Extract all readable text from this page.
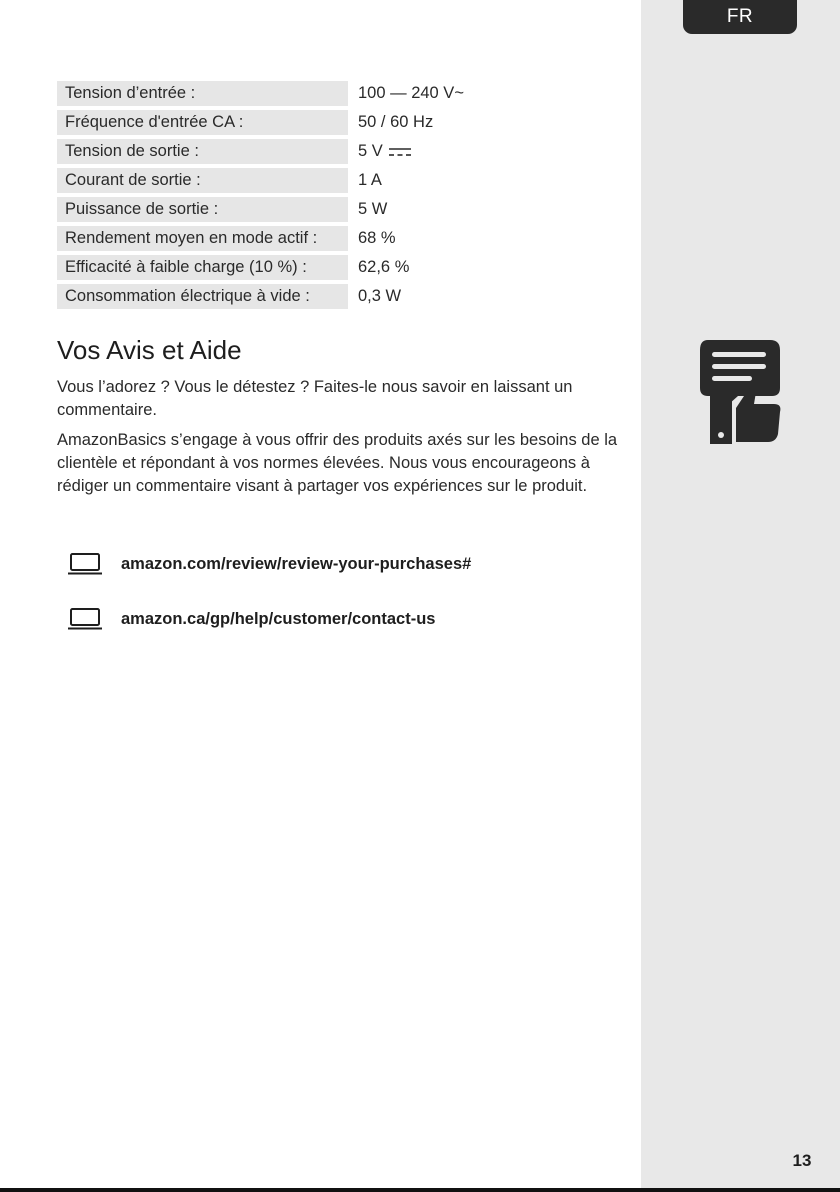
FR
Tension d’entrée :	100 — 240 V~
Fréquence d'entrée CA :	50 / 60 Hz
Tension de sortie :	5 V
Courant de sortie :	1 A
Puissance de sortie :	5 W
Rendement moyen en mode actif :	68 %
Efficacité à faible charge (10 %) :	62,6 %
Consommation électrique à vide :	0,3 W
Vos Avis et Aide

Vous l’adorez ? Vous le détestez ? Faites-le nous savoir en laissant un commentaire.

AmazonBasics s’engage à vous offrir des produits axés sur les besoins de la clientèle et répondant à vos normes élevées. Nous vous encourageons à rédiger un commentaire visant à partager vos expériences sur le produit.

amazon.com/review/review-your-purchases#
amazon.ca/gp/help/customer/contact-us
13
